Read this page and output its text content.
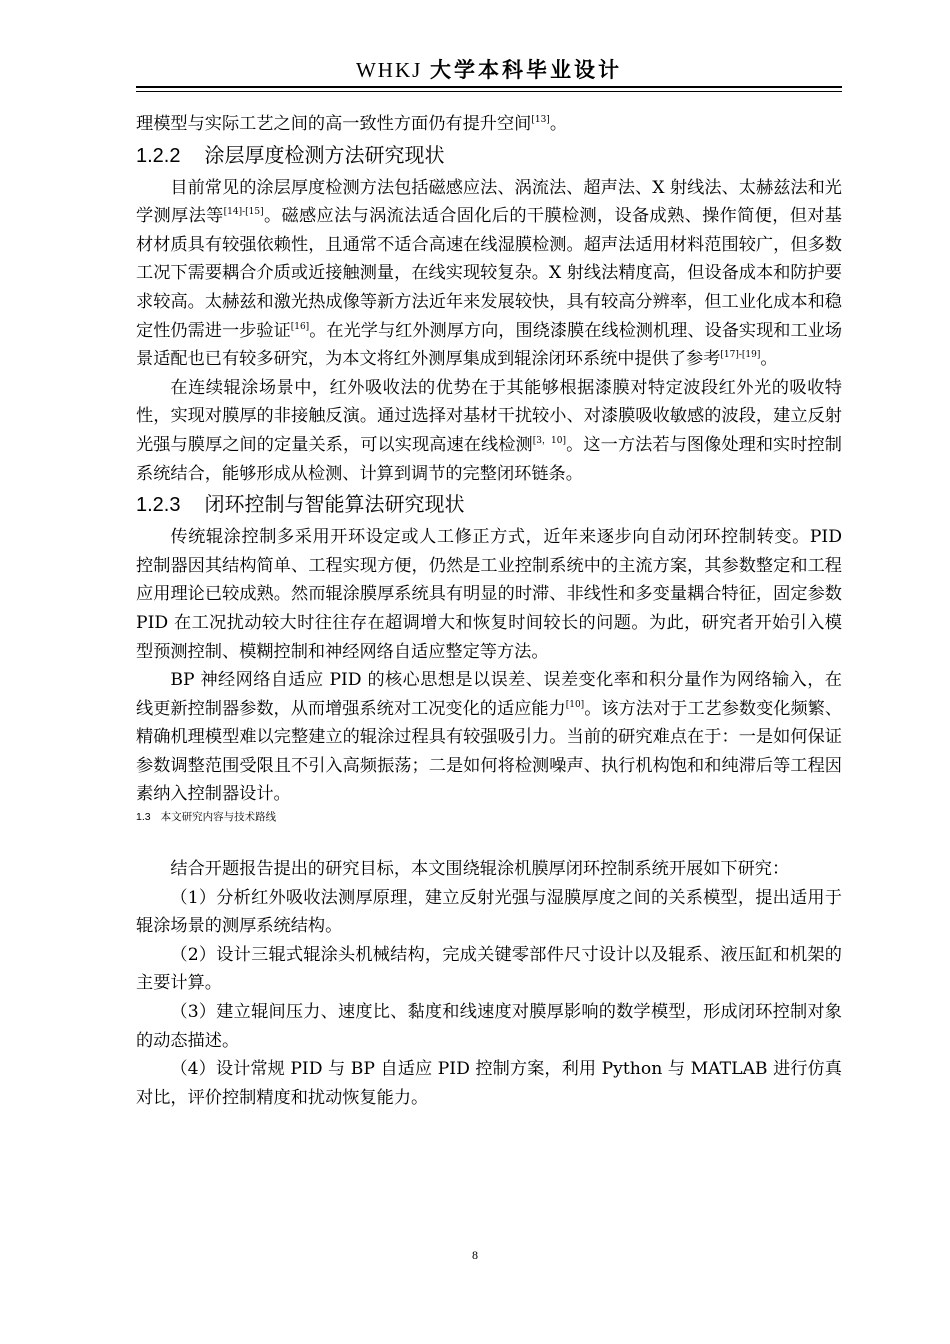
WHKJ 大学本科毕业设计

理模型与实际工艺之间的高一致性方面仍有提升空间[13]。

1.2.2 涂层厚度检测方法研究现状

目前常见的涂层厚度检测方法包括磁感应法、涡流法、超声法、X 射线法、太赫兹法和光学测厚法等[14]-[15]。磁感应法与涡流法适合固化后的干膜检测，设备成熟、操作简便，但对基材材质具有较强依赖性，且通常不适合高速在线湿膜检测。超声法适用材料范围较广，但多数工况下需要耦合介质或近接触测量，在线实现较复杂。X 射线法精度高，但设备成本和防护要求较高。太赫兹和激光热成像等新方法近年来发展较快，具有较高分辨率，但工业化成本和稳定性仍需进一步验证[16]。在光学与红外测厚方向，围绕漆膜在线检测机理、设备实现和工业场景适配也已有较多研究，为本文将红外测厚集成到辊涂闭环系统中提供了参考[17]-[19]。

在连续辊涂场景中，红外吸收法的优势在于其能够根据漆膜对特定波段红外光的吸收特性，实现对膜厚的非接触反演。通过选择对基材干扰较小、对漆膜吸收敏感的波段，建立反射光强与膜厚之间的定量关系，可以实现高速在线检测[3，10]。这一方法若与图像处理和实时控制系统结合，能够形成从检测、计算到调节的完整闭环链条。

1.2.3 闭环控制与智能算法研究现状

传统辊涂控制多采用开环设定或人工修正方式，近年来逐步向自动闭环控制转变。PID 控制器因其结构简单、工程实现方便，仍然是工业控制系统中的主流方案，其参数整定和工程应用理论已较成熟。然而辊涂膜厚系统具有明显的时滞、非线性和多变量耦合特征，固定参数 PID 在工况扰动较大时往往存在超调增大和恢复时间较长的问题。为此，研究者开始引入模型预测控制、模糊控制和神经网络自适应整定等方法。

BP 神经网络自适应 PID 的核心思想是以误差、误差变化率和积分量作为网络输入，在线更新控制器参数，从而增强系统对工况变化的适应能力[10]。该方法对于工艺参数变化频繁、精确机理模型难以完整建立的辊涂过程具有较强吸引力。当前的研究难点在于：一是如何保证参数调整范围受限且不引入高频振荡；二是如何将检测噪声、执行机构饱和和纯滞后等工程因素纳入控制器设计。

1.3 本文研究内容与技术路线

结合开题报告提出的研究目标，本文围绕辊涂机膜厚闭环控制系统开展如下研究：

（1）分析红外吸收法测厚原理，建立反射光强与湿膜厚度之间的关系模型，提出适用于辊涂场景的测厚系统结构。

（2）设计三辊式辊涂头机械结构，完成关键零部件尺寸设计以及辊系、液压缸和机架的主要计算。

（3）建立辊间压力、速度比、黏度和线速度对膜厚影响的数学模型，形成闭环控制对象的动态描述。

（4）设计常规 PID 与 BP 自适应 PID 控制方案，利用 Python 与 MATLAB 进行仿真对比，评价控制精度和扰动恢复能力。

8
